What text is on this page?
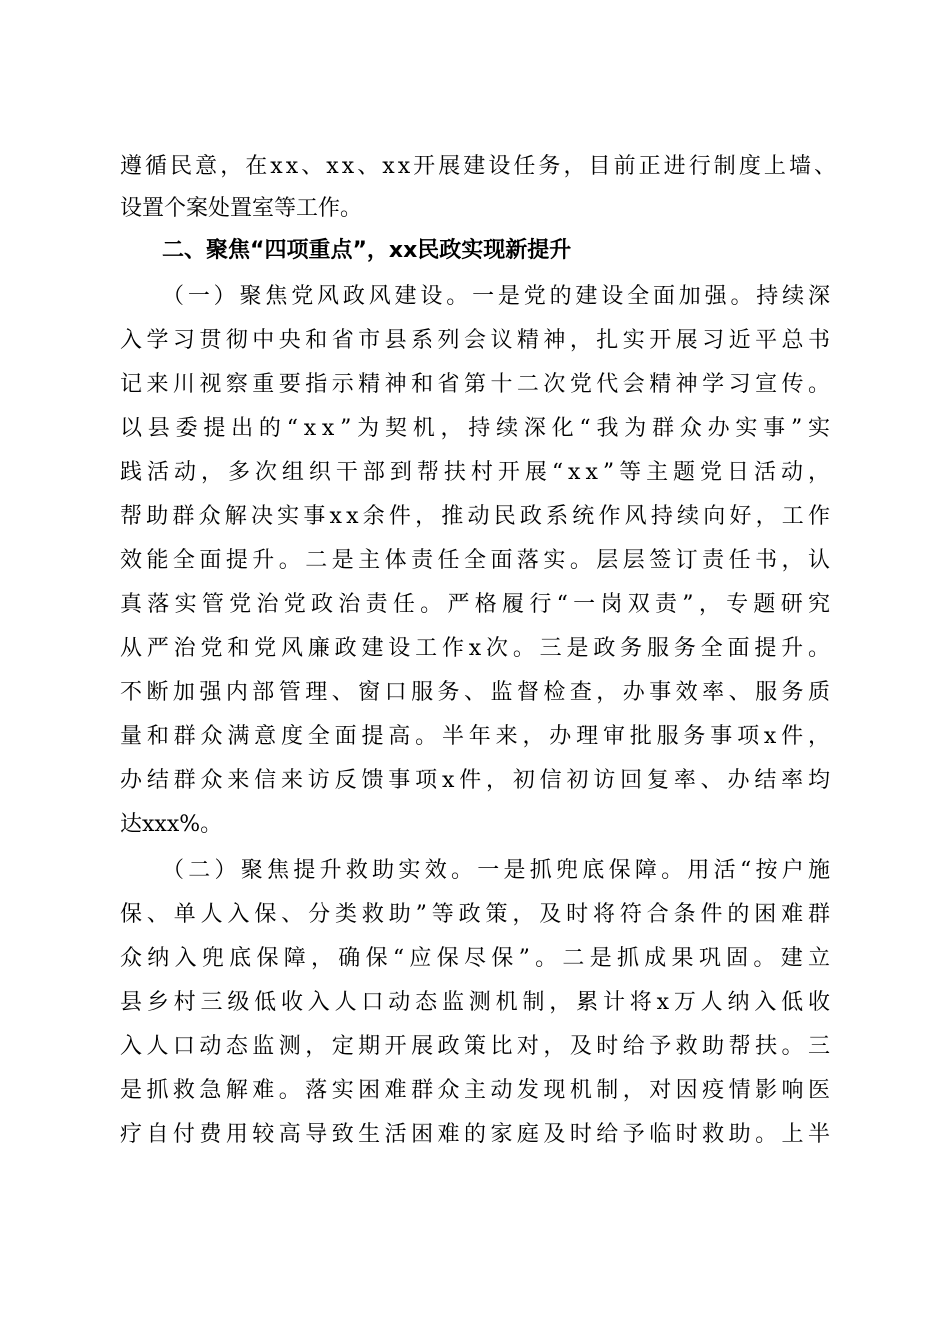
遵循民意，在xx、xx、xx开展建设任务，目前正进行制度上墙、
设置个案处置室等工作。
二、聚焦“四项重点”，xx民政实现新提升
（一）聚焦党风政风建设。一是党的建设全面加强。持续深
入学习贯彻中央和省市县系列会议精神，扎实开展习近平总书
记来川视察重要指示精神和省第十二次党代会精神学习宣传。
以县委提出的“xx”为契机，持续深化“我为群众办实事”实
践活动，多次组织干部到帮扶村开展“xx”等主题党日活动，
帮助群众解决实事xx余件，推动民政系统作风持续向好，工作
效能全面提升。二是主体责任全面落实。层层签订责任书，认
真落实管党治党政治责任。严格履行“一岗双责”，专题研究
从严治党和党风廉政建设工作x次。三是政务服务全面提升。
不断加强内部管理、窗口服务、监督检查，办事效率、服务质
量和群众满意度全面提高。半年来，办理审批服务事项x件，
办结群众来信来访反馈事项x件，初信初访回复率、办结率均
达xxx%。
（二）聚焦提升救助实效。一是抓兜底保障。用活“按户施
保、单人入保、分类救助”等政策，及时将符合条件的困难群
众纳入兜底保障，确保“应保尽保”。二是抓成果巩固。建立
县乡村三级低收入人口动态监测机制，累计将x万人纳入低收
入人口动态监测，定期开展政策比对，及时给予救助帮扶。三
是抓救急解难。落实困难群众主动发现机制，对因疫情影响医
疗自付费用较高导致生活困难的家庭及时给予临时救助。上半
